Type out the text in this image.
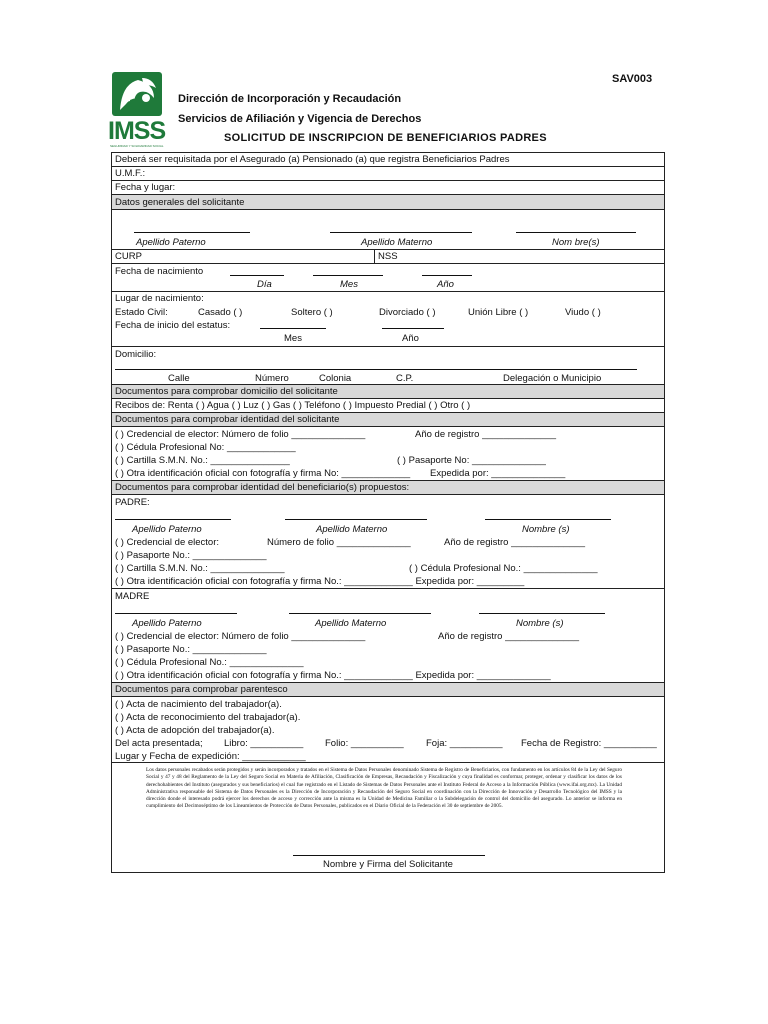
IMSS
SEGURIDAD Y SOLIDARIDAD SOCIAL
SAV003
Dirección de Incorporación y Recaudación
Servicios de Afiliación y Vigencia de Derechos
SOLICITUD DE INSCRIPCION DE BENEFICIARIOS PADRES
Deberá ser requisitada por el Asegurado (a) Pensionado (a) que registra Beneficiarios Padres
U.M.F.:
Fecha y lugar:
Datos generales del solicitante
Apellido Paterno	Apellido Materno	Nom bre(s)
CURP	NSS
Fecha de nacimiento
Día	Mes	Año
Lugar de nacimiento:
Estado Civil:	Casado ( )	Soltero ( )	Divorciado ( )	Unión Libre ( )	Viudo ( )
Fecha de inicio del estatus:
Mes	Año
Domicilio:
Calle	Número	Colonia	C.P.	Delegación o Municipio
Documentos para comprobar domicilio del solicitante
Recibos de: Renta ( ) Agua ( ) Luz ( ) Gas ( ) Teléfono ( ) Impuesto Predial ( ) Otro ( )
Documentos para comprobar identidad del solicitante
( ) Credencial de elector: Número de folio ______________	Año de registro ______________
( ) Cédula Profesional No: _____________
( ) Cartilla S.M.N. No.: _______________	( ) Pasaporte No: ______________
( ) Otra identificación oficial con fotografía y firma No: _____________ Expedida por: ______________
Documentos para comprobar identidad del beneficiario(s) propuestos:
PADRE:
Apellido Paterno	Apellido Materno	Nombre (s)
( ) Credencial de elector:	Número de folio ______________	Año de registro ______________
( ) Pasaporte No.: ______________
( ) Cartilla S.M.N. No.: ______________	( ) Cédula Profesional No.: ______________
( ) Otra identificación oficial con fotografía y firma No.: _____________ Expedida por: _________
MADRE
Apellido Paterno	Apellido Materno	Nombre (s)
( ) Credencial de elector: Número de folio ______________	Año de registro ______________
( ) Pasaporte No.: ______________
( ) Cédula Profesional No.: ______________
( ) Otra identificación oficial con fotografía y firma No.: _____________ Expedida por: ______________
Documentos para comprobar parentesco
( ) Acta de nacimiento del trabajador(a).
( ) Acta de reconocimiento del trabajador(a).
( ) Acta de adopción del trabajador(a).
Del acta presentada; Libro: __________ Folio: __________ Foja: __________ Fecha de Registro: __________
Lugar y Fecha de expedición: ____________
Los datos personales recabados serán protegidos y serán incorporados y tratados en el Sistema de Datos Personales denominado Sistema de Registro de Beneficiarios, con fundamento en los artículos 84 de la Ley del Seguro Social y 47 y 48 del Reglamento de la Ley del Seguro Social en Materia de Afiliación, Clasificación de Empresas, Recaudación y Fiscalización y cuya finalidad es conformar, proteger, ordenar y clasificar los datos de los derechohabientes del Instituto (asegurados y sus beneficiarios) el cual fue registrado en el Listado de Sistemas de Datos Personales ante el Instituto Federal de Acceso a la Información Pública (www.ifai.org.mx). La Unidad Administrativa responsable del Sistema de Datos Personales es la Dirección de Incorporación y Recaudación del Seguro Social en coordinación con la Dirección de Innovación y Desarrollo Tecnológico del IMSS y la dirección donde el interesado podrá ejercer los derechos de acceso y corrección ante la misma es la Unidad de Medicina Familiar o la Subdelegación de control del domicilio del asegurado. Lo anterior se informa en cumplimiento del Decimoséptimo de los Lineamientos de Protección de Datos Personales, publicados en el Diario Oficial de la Federación el 30 de septiembre de 2005.
Nombre y Firma del Solicitante
